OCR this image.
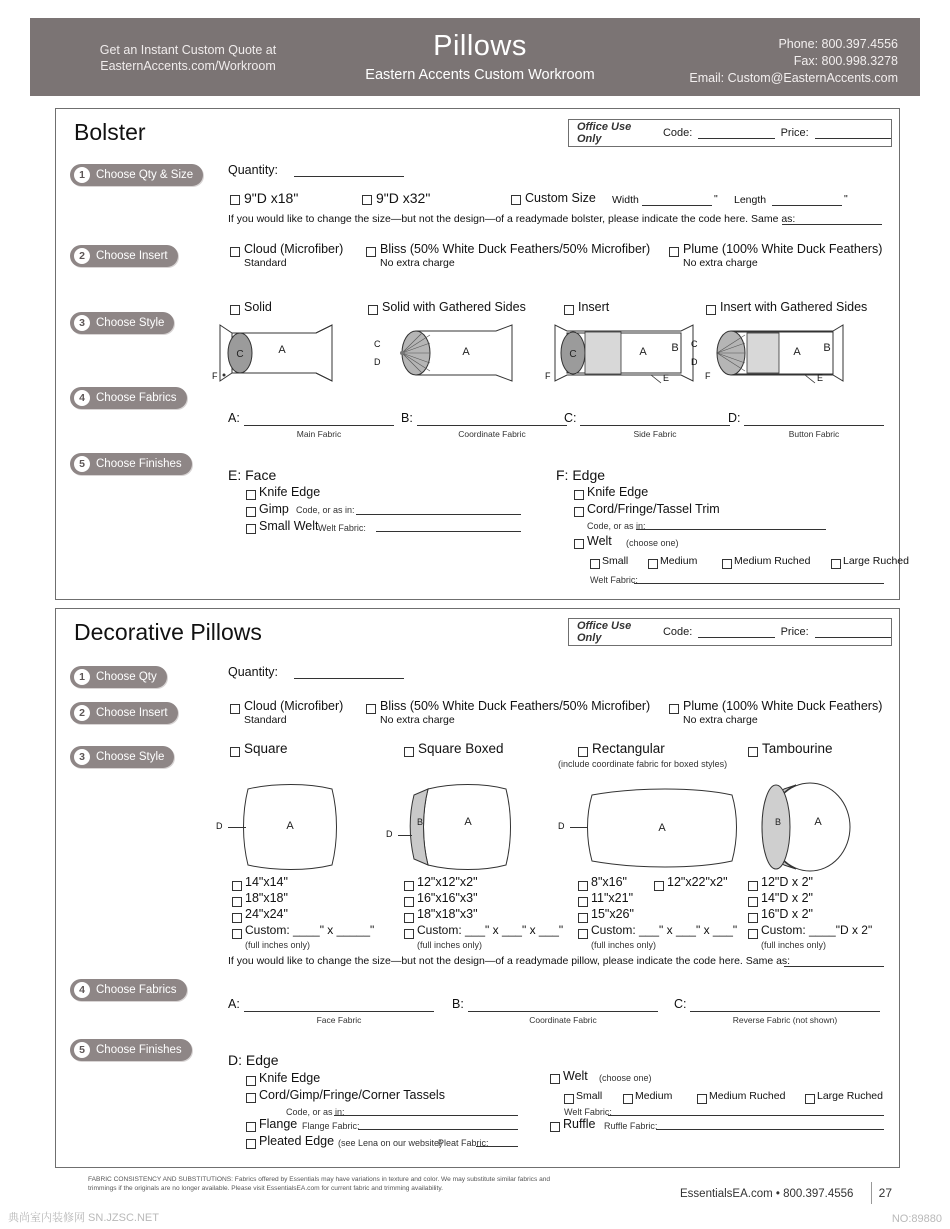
Get an Instant Custom Quote at
EasternAccents.com/Workroom
Pillows
Eastern Accents Custom Workroom
Phone: 800.397.4556
Fax: 800.998.3278
Email: Custom@EasternAccents.com
Bolster	Office Use Only	Code:	Price:
1 Choose Qty & Size
2 Choose Insert
3 Choose Style
4 Choose Fabrics
5 Choose Finishes
Quantity:
9"D x18"	9"D x32"	Custom Size Width	" Length	"
If you would like to change the size—but not the design—of a readymade bolster, please indicate the code here. Same as:
Cloud (Microfiber)
Standard
Bliss (50% White Duck Feathers/50% Microfiber)
No extra charge
Plume (100% White Duck Feathers)
No extra charge
Solid	Solid with Gathered Sides	Insert	Insert with Gathered Sides
C	A
F
A
C
D
C	A B
F	E
A B
C
D
F	E
A:
Main Fabric
B:
Coordinate Fabric
C:
Side Fabric
D:
Button Fabric
E: Face
Knife Edge
Gimp Code, or as in:
Small Welt Welt Fabric:
F: Edge
Knife Edge
Cord/Fringe/Tassel Trim
Code, or as in:
Welt (choose one)
Small	Medium	Medium Ruched	Large Ruched
Welt Fabric:
Decorative Pillows	Office Use Only	Code:	Price:
1 Choose Qty
2 Choose Insert
3 Choose Style
4 Choose Fabrics
5 Choose Finishes
Quantity:
Cloud (Microfiber)
Standard
Bliss (50% White Duck Feathers/50% Microfiber)
No extra charge
Plume (100% White Duck Feathers)
No extra charge
Square	Square Boxed	Rectangular
(include coordinate fabric for boxed styles)
Tambourine
A
D	A
B
D	A
D	A
B
14"x14"
18"x18"
24"x24"
Custom: ____" x _____"
(full inches only)
12"x12"x2"
16"x16"x3"
18"x18"x3"
Custom: ___" x ___" x ___"
(full inches only)
8"x16"
11"x21"
15"x26"
12"x22"x2"
Custom: ___" x ___" x ___"
(full inches only)
12"D x 2"
14"D x 2"
16"D x 2"
Custom: ____"D x 2"
(full inches only)
If you would like to change the size—but not the design—of a readymade pillow, please indicate the code here. Same as:
A:
Face Fabric
B:
Coordinate Fabric
C:
Reverse Fabric (not shown)
D: Edge
Knife Edge
Cord/Gimp/Fringe/Corner Tassels
Code, or as in:
Flange Flange Fabric:
Pleated Edge (see Lena on our website)
Pleat Fabric:
Welt (choose one)
Small	Medium	Medium Ruched	Large Ruched
Welt Fabric:
Ruffle Ruffle Fabric:
FABRIC CONSISTENCY AND SUBSTITUTIONS: Fabrics offered by Essentials may have variations in texture and color. We may substitute similar fabrics and trimmings if the originals are no longer available. Please visit EssentialsEA.com for current fabric and trimming availability.	EssentialsEA.com • 800.397.4556 27
典尚室内装修网 SN.JZSC.NET	NO:89880
